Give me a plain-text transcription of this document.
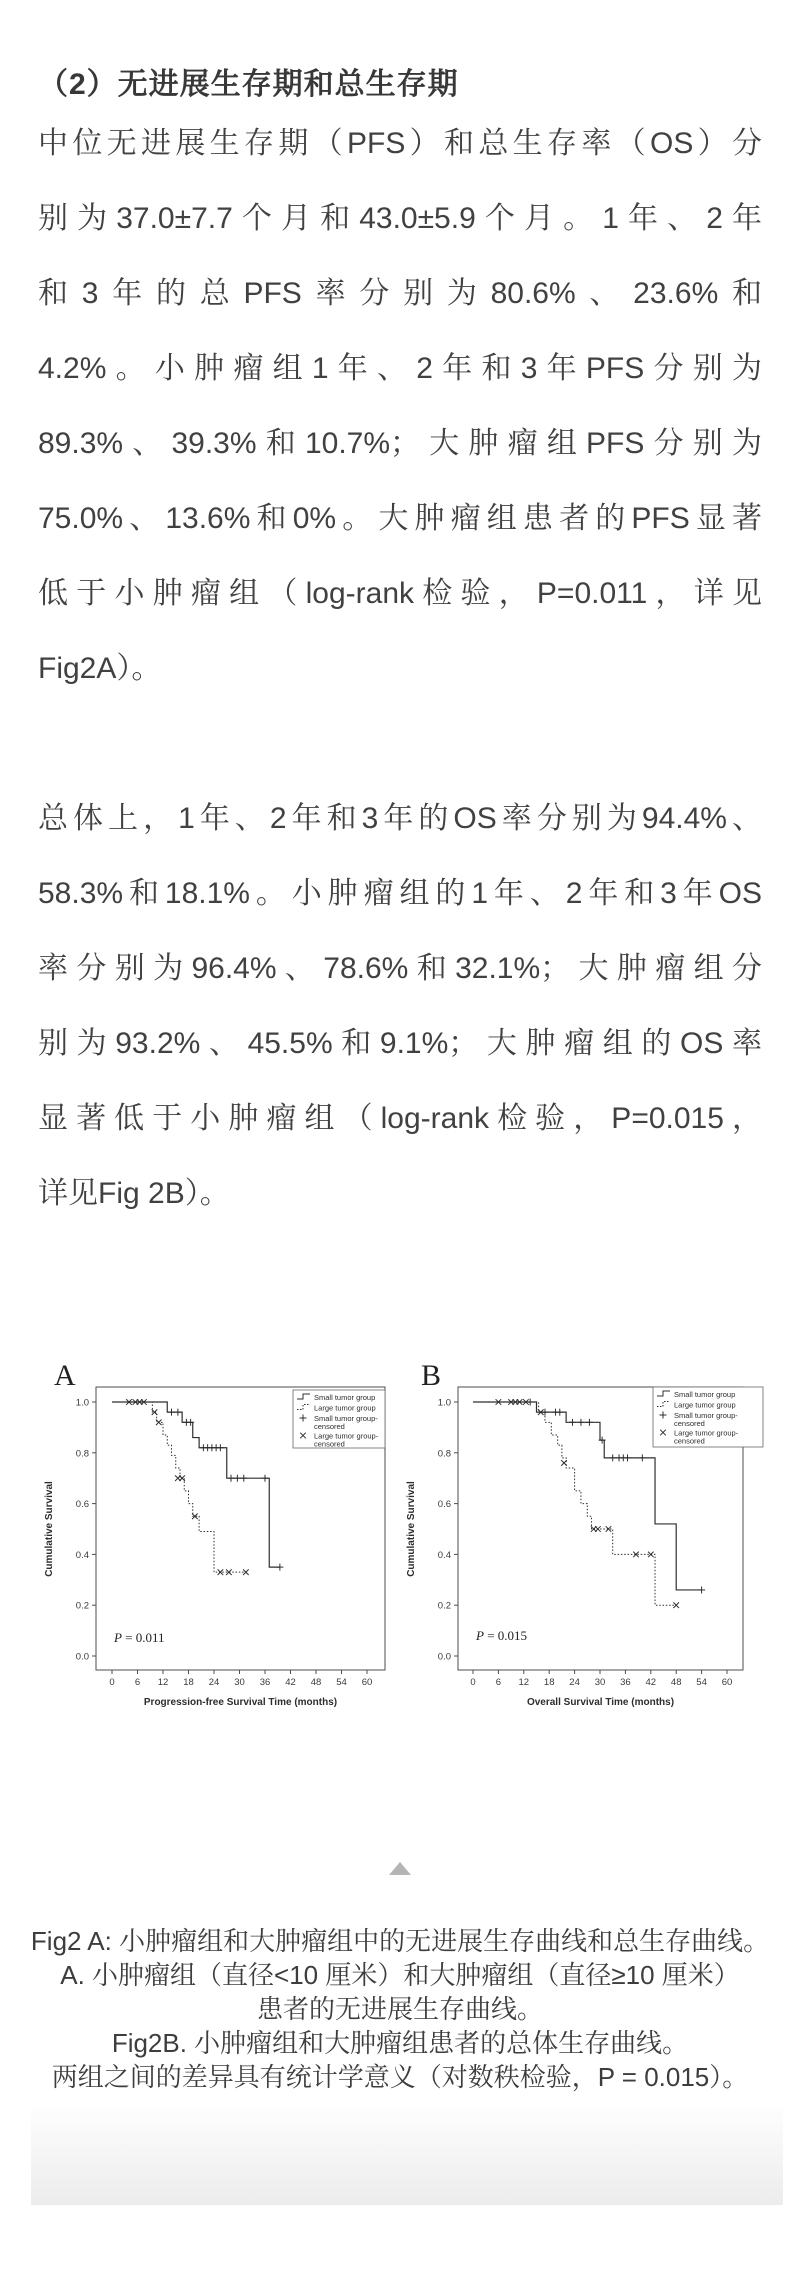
（2）无进展生存期和总生存期
中位无进展生存期（PFS）和总生存率（OS）分
别为37.0±7.7个月和43.0±5.9个月。1年、2年
和3年的总PFS率分别为80.6%、23.6%和
4.2%。小肿瘤组1年、2年和3年PFS分别为
89.3%、39.3%和10.7%；大肿瘤组PFS分别为
75.0%、13.6%和0%。大肿瘤组患者的PFS显著
低于小肿瘤组（log-rank检验，P=0.011，详见
Fig2A）。
总体上，1年、2年和3年的OS率分别为94.4%、
58.3%和18.1%。小肿瘤组的1年、2年和3年OS
率分别为96.4%、78.6%和32.1%；大肿瘤组分
别为93.2%、45.5%和9.1%；大肿瘤组的OS率
显著低于小肿瘤组（log-rank检验，P=0.015，
详见Fig 2B）。
A
0.0
0.2
0.4
0.6
0.8
1.0
Cumulative Survival
0 6 12 18 24 30 36 42 48 54 60
Progression-free Survival Time (months)
P = 0.011
Small tumor group
Large tumor group
Small tumor group-
censored
Large tumor group-
censored
B
0.0
0.2
0.4
0.6
0.8
1.0
Cumulative Survival
0 6 12 18 24 30 36 42 48 54 60
Overall Survival Time (months)
P = 0.015
Small tumor group
Large tumor group
Small tumor group-
censored
Large tumor group-
censored
Fig2 A: 小肿瘤组和大肿瘤组中的无进展生存曲线和总生存曲线。
A. 小肿瘤组（直径<10 厘米）和大肿瘤组（直径≥10 厘米）
患者的无进展生存曲线。
Fig2B. 小肿瘤组和大肿瘤组患者的总体生存曲线。
两组之间的差异具有统计学意义（对数秩检验，P = 0.015）。
